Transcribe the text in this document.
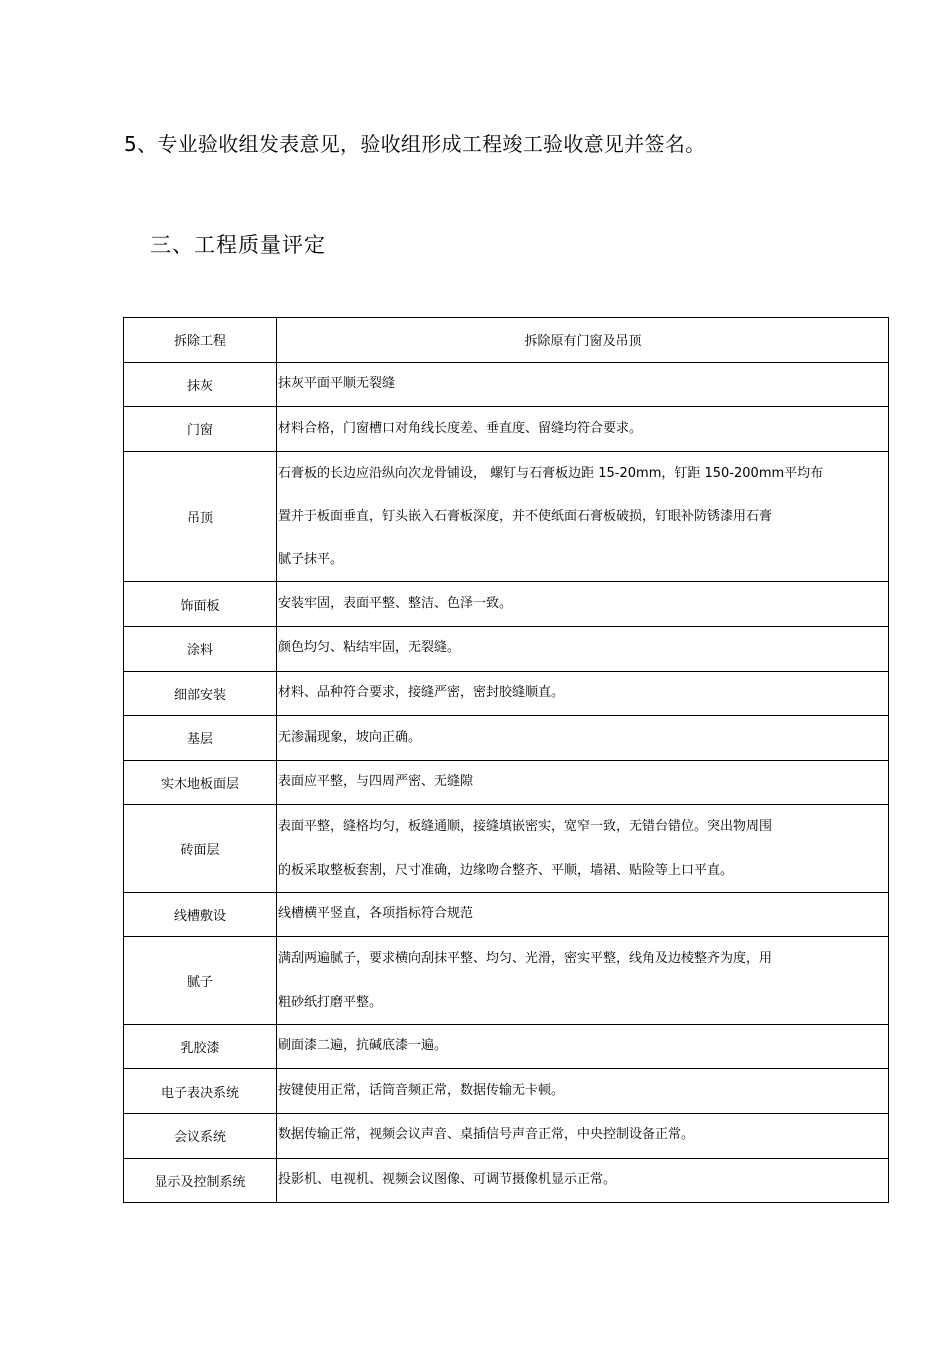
5、专业验收组发表意见，验收组形成工程竣工验收意见并签名。
三、工程质量评定
拆除工程	拆除原有门窗及吊顶
抹灰	抹灰平面平顺无裂缝

门窗	材料合格，门窗槽口对角线长度差、垂直度、留缝均符合要求。

吊顶	石膏板的长边应沿纵向次龙骨铺设， 螺钉与石膏板边距 15-20mm，钉距 150-200mm平均布
置并于板面垂直，钉头嵌入石膏板深度，并不使纸面石膏板破损，钉眼补防锈漆用石膏
腻子抹平。

饰面板	安装牢固，表面平整、整洁、色泽一致。

涂料	颜色均匀、粘结牢固，无裂缝。

细部安装	材料、品种符合要求，接缝严密，密封胶缝顺直。

基层	无渗漏现象，坡向正确。

实木地板面层	表面应平整，与四周严密、无缝隙

砖面层	表面平整，缝格均匀，板缝通顺，接缝填嵌密实，宽窄一致，无错台错位。突出物周围
的板采取整板套割，尺寸准确，边缘吻合整齐、平顺，墙裙、贴险等上口平直。

线槽敷设	线槽横平竖直，各项指标符合规范

腻子	满刮两遍腻子，要求横向刮抹平整、均匀、光滑，密实平整，线角及边棱整齐为度，用
粗砂纸打磨平整。

乳胶漆	刷面漆二遍，抗碱底漆一遍。

电子表决系统	按键使用正常，话筒音频正常，数据传输无卡顿。

会议系统	数据传输正常，视频会议声音、桌插信号声音正常，中央控制设备正常。

显示及控制系统	投影机、电视机、视频会议图像、可调节摄像机显示正常。
